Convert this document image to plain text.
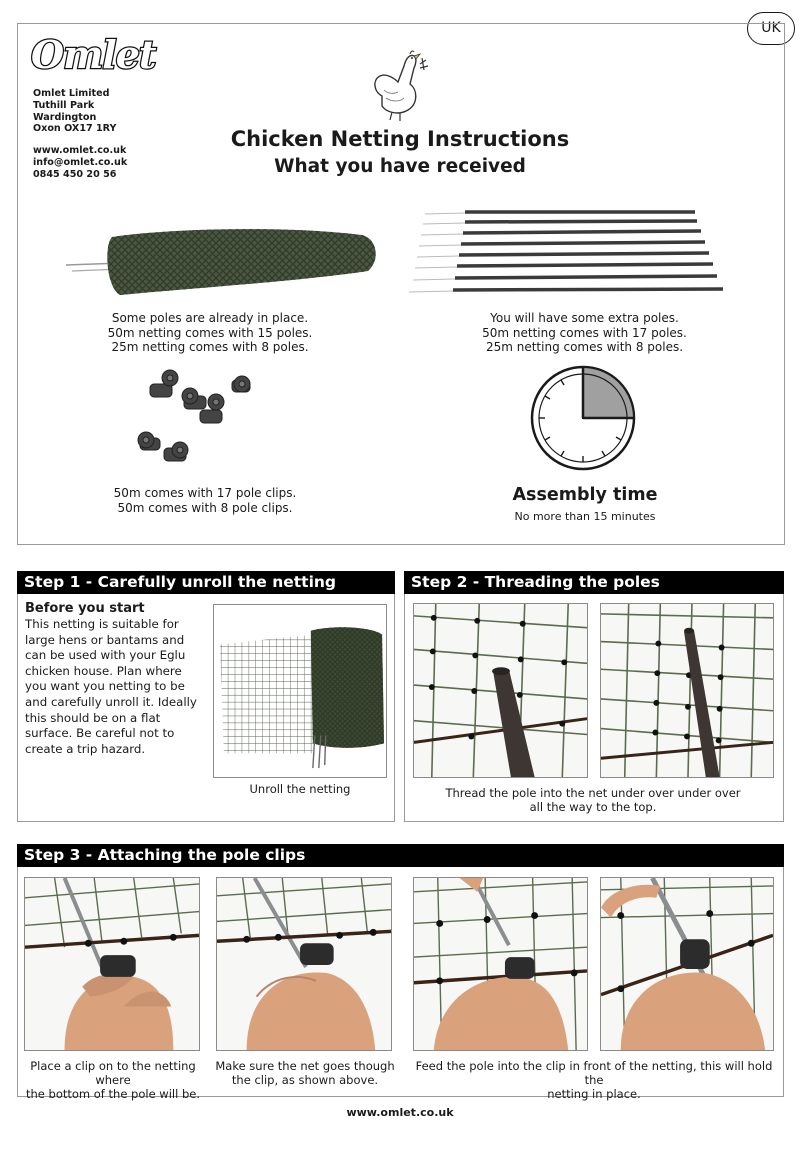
UK
Omlet
Omlet Limited
Tuthill Park
Wardington
Oxon OX17 1RY
www.omlet.co.uk
info@omlet.co.uk
0845 450 20 56
Chicken Netting Instructions
What you have received
Some poles are already in place.
50m netting comes with 15 poles.
25m netting comes with 8 poles.
You will have some extra poles.
50m netting comes with 17 poles.
25m netting comes with 8 poles.
50m comes with 17 pole clips.
50m comes with 8 pole clips.
Assembly time
No more than 15 minutes
Step 1 - Carefully unroll the netting
Before you start
This netting is suitable for large hens or bantams and can be used with your Eglu chicken house. Plan where you want you netting to be and carefully unroll it. Ideally this should be on a flat surface. Be careful not to create a trip hazard.
Unroll the netting
Step 2 - Threading the poles
Thread the pole into the net under over under over
all the way to the top.
Step 3 - Attaching the pole clips
Place a clip on to the netting where
the bottom of the pole will be.
Make sure the net goes though
the clip, as shown above.
Feed the pole into the clip in front of the netting, this will hold the
netting in place.
www.omlet.co.uk
